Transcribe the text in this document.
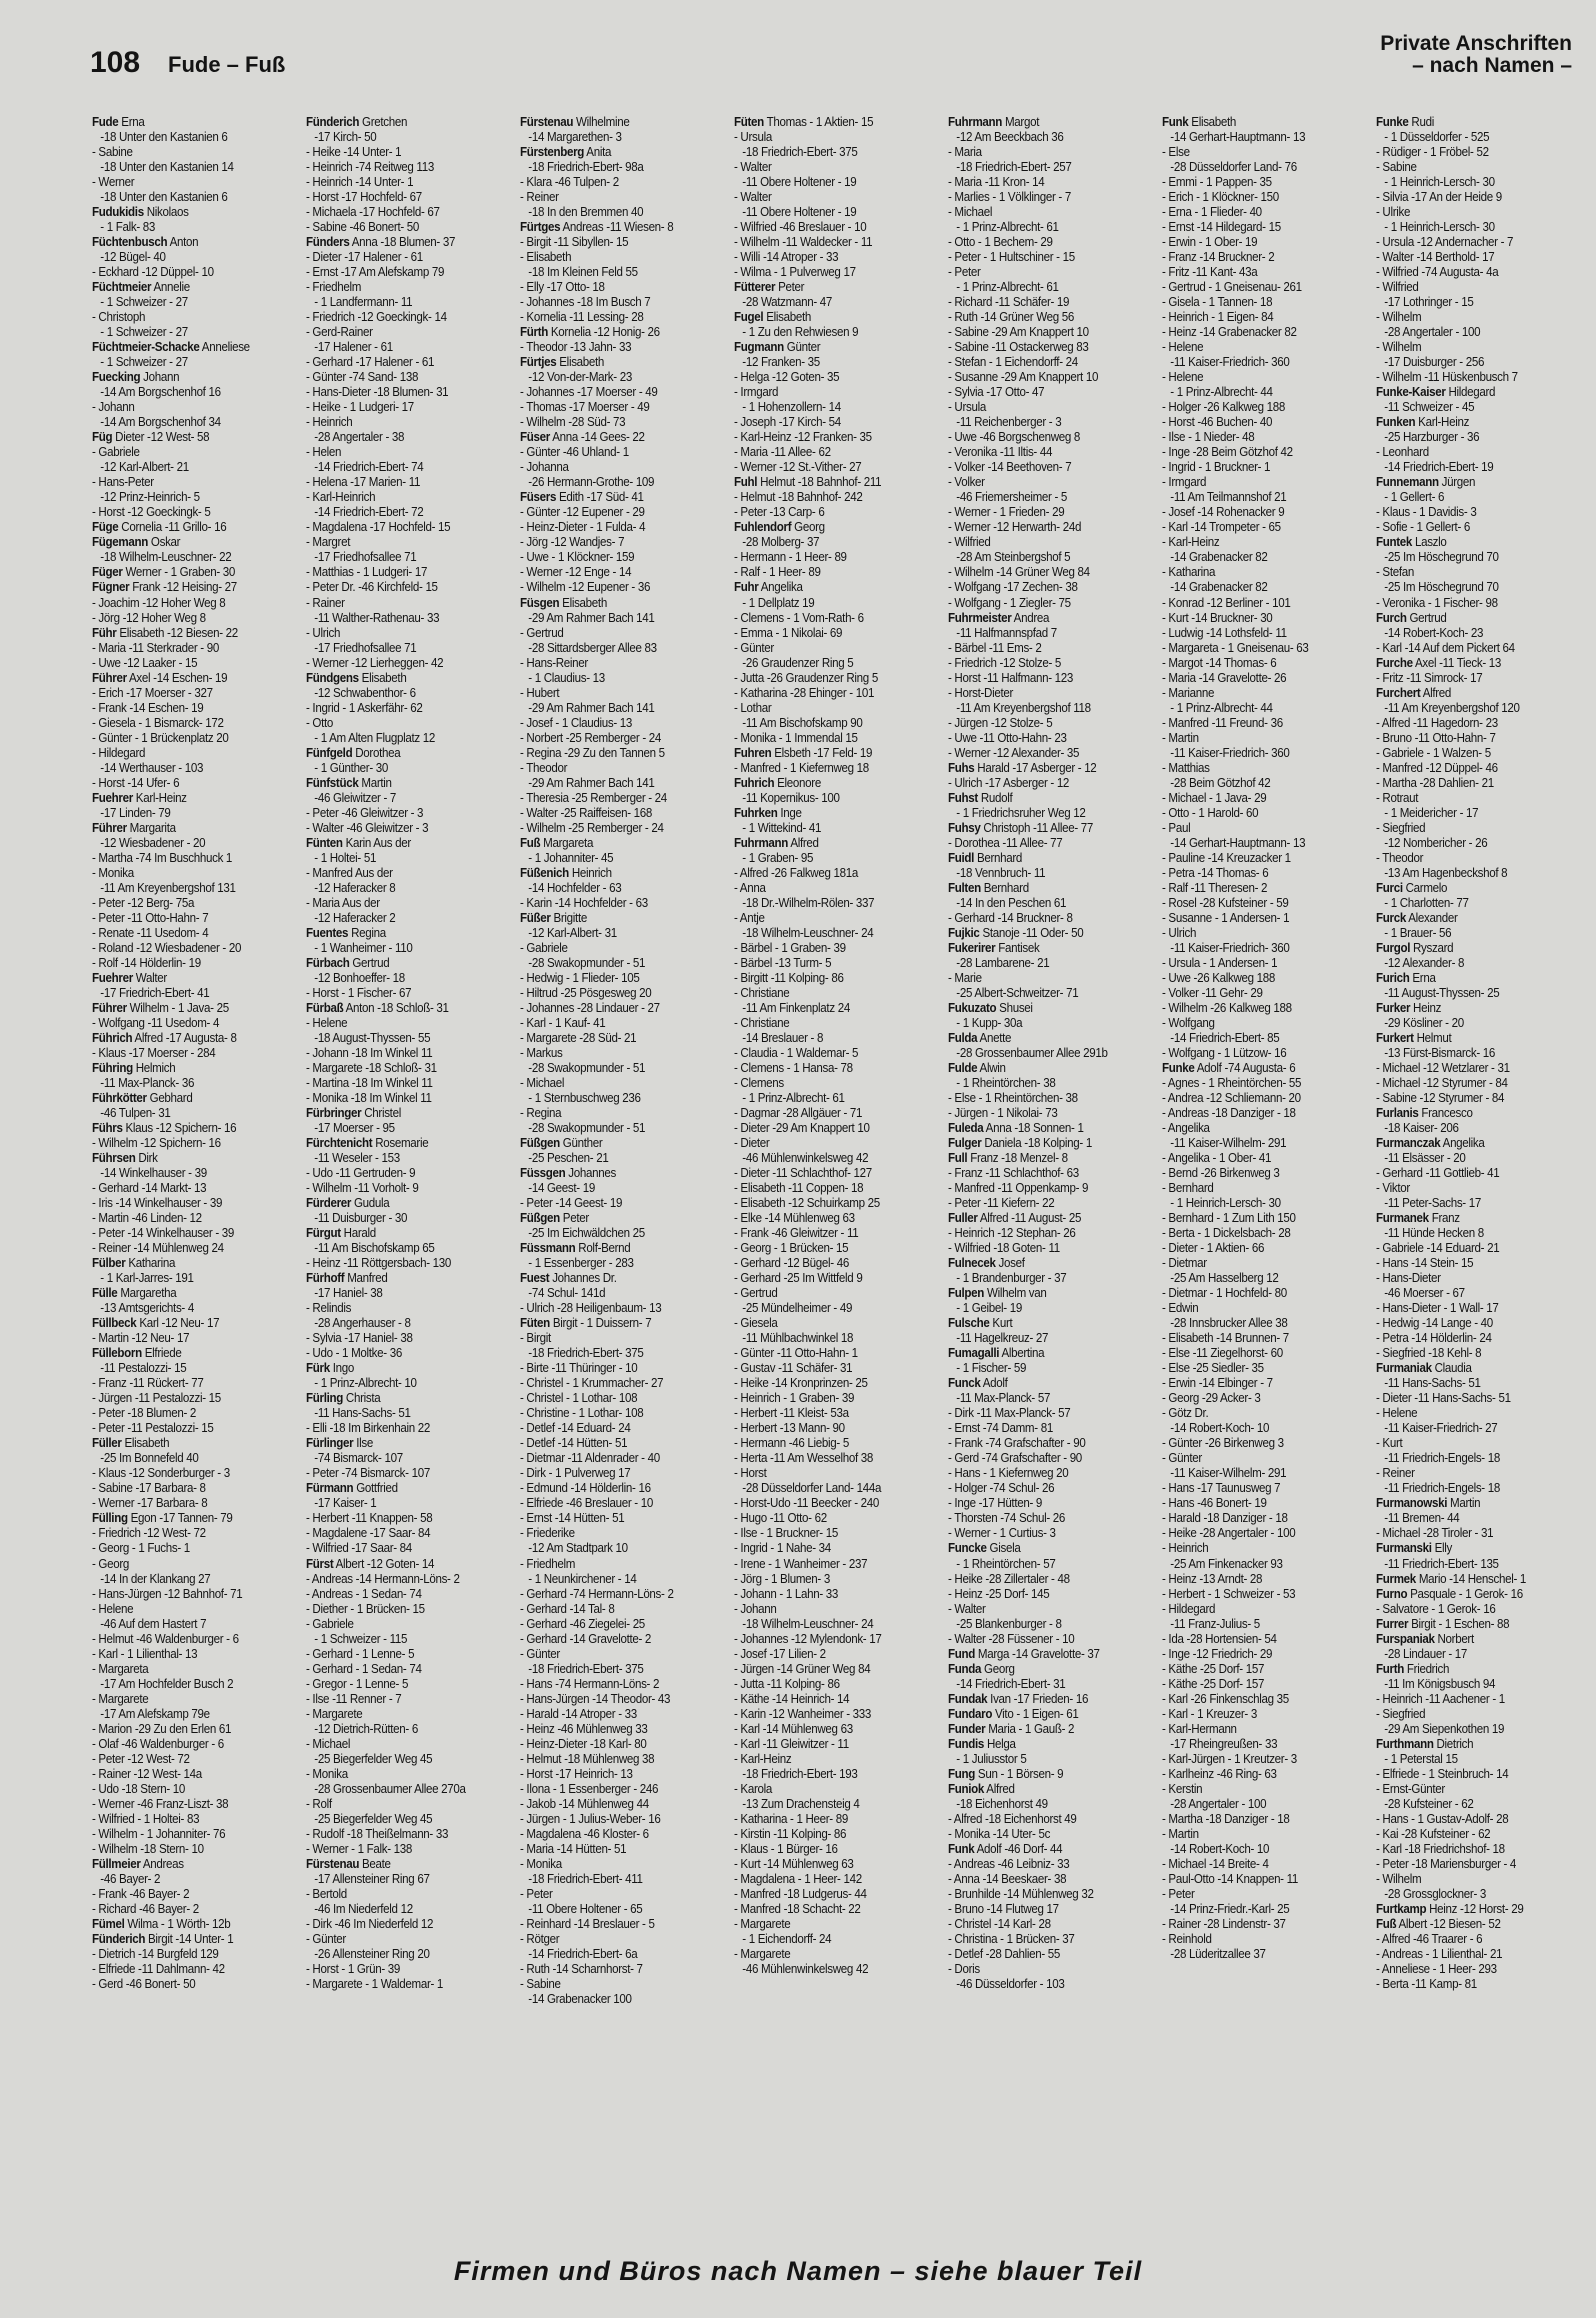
108 Fude – Fuß
Private Anschriften
– nach Namen –
Fude Erna
-18 Unter den Kastanien 6
- Sabine
-18 Unter den Kastanien 14
- Werner
-18 Unter den Kastanien 6
Fudukidis Nikolaos
- 1 Falk- 83
Füchtenbusch Anton
-12 Bügel- 40
- Eckhard -12 Düppel- 10
Füchtmeier Annelie
- 1 Schweizer - 27
- Christoph
- 1 Schweizer - 27
Füchtmeier-Schacke Anneliese
- 1 Schweizer - 27
Fuecking Johann
-14 Am Borgschenhof 16
- Johann
-14 Am Borgschenhof 34
Füg Dieter -12 West- 58
- Gabriele
-12 Karl-Albert- 21
- Hans-Peter
-12 Prinz-Heinrich- 5
- Horst -12 Goeckingk- 5
Füge Cornelia -11 Grillo- 16
Fügemann Oskar
-18 Wilhelm-Leuschner- 22
Füger Werner - 1 Graben- 30
Fügner Frank -12 Heising- 27
- Joachim -12 Hoher Weg 8
- Jörg -12 Hoher Weg 8
Führ Elisabeth -12 Biesen- 22
- Maria -11 Sterkrader - 90
- Uwe -12 Laaker - 15
Führer Axel -14 Eschen- 19
- Erich -17 Moerser - 327
- Frank -14 Eschen- 19
- Giesela - 1 Bismarck- 172
- Günter - 1 Brückenplatz 20
- Hildegard
-14 Werthauser - 103
- Horst -14 Ufer- 6
Fuehrer Karl-Heinz
-17 Linden- 79
Führer Margarita
-12 Wiesbadener - 20
- Martha -74 Im Buschhuck 1
- Monika
-11 Am Kreyenbergshof 131
- Peter -12 Berg- 75a
- Peter -11 Otto-Hahn- 7
- Renate -11 Usedom- 4
- Roland -12 Wiesbadener - 20
- Rolf -14 Hölderlin- 19
Fuehrer Walter
-17 Friedrich-Ebert- 41
Führer Wilhelm - 1 Java- 25
- Wolfgang -11 Usedom- 4
Führich Alfred -17 Augusta- 8
- Klaus -17 Moerser - 284
Führing Helmich
-11 Max-Planck- 36
Führkötter Gebhard
-46 Tulpen- 31
Führs Klaus -12 Spichern- 16
- Wilhelm -12 Spichern- 16
Führsen Dirk
-14 Winkelhauser - 39
- Gerhard -14 Markt- 13
- Iris -14 Winkelhauser - 39
- Martin -46 Linden- 12
- Peter -14 Winkelhauser - 39
- Reiner -14 Mühlenweg 24
Fülber Katharina
- 1 Karl-Jarres- 191
Fülle Margaretha
-13 Amtsgerichts- 4
Füllbeck Karl -12 Neu- 17
- Martin -12 Neu- 17
Fülleborn Elfriede
-11 Pestalozzi- 15
- Franz -11 Rückert- 77
- Jürgen -11 Pestalozzi- 15
- Peter -18 Blumen- 2
- Peter -11 Pestalozzi- 15
Füller Elisabeth
-25 Im Bonnefeld 40
- Klaus -12 Sonderburger - 3
- Sabine -17 Barbara- 8
- Werner -17 Barbara- 8
Fülling Egon -17 Tannen- 79
- Friedrich -12 West- 72
- Georg - 1 Fuchs- 1
- Georg
-14 In der Klankang 27
- Hans-Jürgen -12 Bahnhof- 71
- Helene
-46 Auf dem Hastert 7
- Helmut -46 Waldenburger - 6
- Karl - 1 Lilienthal- 13
- Margareta
-17 Am Hochfelder Busch 2
- Margarete
-17 Am Alefskamp 79e
- Marion -29 Zu den Erlen 61
- Olaf -46 Waldenburger - 6
- Peter -12 West- 72
- Rainer -12 West- 14a
- Udo -18 Stern- 10
- Werner -46 Franz-Liszt- 38
- Wilfried - 1 Holtei- 83
- Wilhelm - 1 Johanniter- 76
- Wilhelm -18 Stern- 10
Füllmeier Andreas
-46 Bayer- 2
- Frank -46 Bayer- 2
- Richard -46 Bayer- 2
Fümel Wilma - 1 Wörth- 12b
Fünderich Birgit -14 Unter- 1
- Dietrich -14 Burgfeld 129
- Elfriede -11 Dahlmann- 42
- Gerd -46 Bonert- 50
Fünderich Gretchen
-17 Kirch- 50
- Heike -14 Unter- 1
- Heinrich -74 Reitweg 113
- Heinrich -14 Unter- 1
- Horst -17 Hochfeld- 67
- Michaela -17 Hochfeld- 67
- Sabine -46 Bonert- 50
Fünders Anna -18 Blumen- 37
- Dieter -17 Halener - 61
- Ernst -17 Am Alefskamp 79
- Friedhelm
- 1 Landfermann- 11
- Friedrich -12 Goeckingk- 14
- Gerd-Rainer
-17 Halener - 61
- Gerhard -17 Halener - 61
- Günter -74 Sand- 138
- Hans-Dieter -18 Blumen- 31
- Heike - 1 Ludgeri- 17
- Heinrich
-28 Angertaler - 38
- Helen
-14 Friedrich-Ebert- 74
- Helena -17 Marien- 11
- Karl-Heinrich
-14 Friedrich-Ebert- 72
- Magdalena -17 Hochfeld- 15
- Margret
-17 Friedhofsallee 71
- Matthias - 1 Ludgeri- 17
- Peter Dr. -46 Kirchfeld- 15
- Rainer
-11 Walther-Rathenau- 33
- Ulrich
-17 Friedhofsallee 71
- Werner -12 Lierheggen- 42
Fündgens Elisabeth
-12 Schwabenthor- 6
- Ingrid - 1 Askerfähr- 62
- Otto
- 1 Am Alten Flugplatz 12
Fünfgeld Dorothea
- 1 Günther- 30
Fünfstück Martin
-46 Gleiwitzer - 7
- Peter -46 Gleiwitzer - 3
- Walter -46 Gleiwitzer - 3
Fünten Karin Aus der
- 1 Holtei- 51
- Manfred Aus der
-12 Haferacker 8
- Maria Aus der
-12 Haferacker 2
Fuentes Regina
- 1 Wanheimer - 110
Fürbach Gertrud
-12 Bonhoeffer- 18
- Horst - 1 Fischer- 67
Fürbaß Anton -18 Schloß- 31
- Helene
-18 August-Thyssen- 55
- Johann -18 Im Winkel 11
- Margarete -18 Schloß- 31
- Martina -18 Im Winkel 11
- Monika -18 Im Winkel 11
Fürbringer Christel
-17 Moerser - 95
Fürchtenicht Rosemarie
-11 Weseler - 153
- Udo -11 Gertruden- 9
- Wilhelm -11 Vorholt- 9
Fürderer Gudula
-11 Duisburger - 30
Fürgut Harald
-11 Am Bischofskamp 65
- Heinz -11 Röttgersbach- 130
Fürhoff Manfred
-17 Haniel- 38
- Relindis
-28 Angerhauser - 8
- Sylvia -17 Haniel- 38
- Udo - 1 Moltke- 36
Fürk Ingo
- 1 Prinz-Albrecht- 10
Fürling Christa
-11 Hans-Sachs- 51
- Elli -18 Im Birkenhain 22
Fürlinger Ilse
-74 Bismarck- 107
- Peter -74 Bismarck- 107
Fürmann Gottfried
-17 Kaiser- 1
- Herbert -11 Knappen- 58
- Magdalene -17 Saar- 84
- Wilfried -17 Saar- 84
Fürst Albert -12 Goten- 14
- Andreas -14 Hermann-Löns- 2
- Andreas - 1 Sedan- 74
- Diether - 1 Brücken- 15
- Gabriele
- 1 Schweizer - 115
- Gerhard - 1 Lenne- 5
- Gerhard - 1 Sedan- 74
- Gregor - 1 Lenne- 5
- Ilse -11 Renner - 7
- Margarete
-12 Dietrich-Rütten- 6
- Michael
-25 Biegerfelder Weg 45
- Monika
-28 Grossenbaumer Allee 270a
- Rolf
-25 Biegerfelder Weg 45
- Rudolf -18 Theißelmann- 33
- Werner - 1 Falk- 138
Fürstenau Beate
-17 Allensteiner Ring 67
- Bertold
-46 Im Niederfeld 12
- Dirk -46 Im Niederfeld 12
- Günter
-26 Allensteiner Ring 20
- Horst - 1 Grün- 39
- Margarete - 1 Waldemar- 1
Fürstenau Wilhelmine
-14 Margarethen- 3
Fürstenberg Anita
-18 Friedrich-Ebert- 98a
- Klara -46 Tulpen- 2
- Reiner
-18 In den Bremmen 40
Fürtges Andreas -11 Wiesen- 8
- Birgit -11 Sibyllen- 15
- Elisabeth
-18 Im Kleinen Feld 55
- Elly -17 Otto- 18
- Johannes -18 Im Busch 7
- Kornelia -11 Lessing- 28
Fürth Kornelia -12 Honig- 26
- Theodor -13 Jahn- 33
Fürtjes Elisabeth
-12 Von-der-Mark- 23
- Johannes -17 Moerser - 49
- Thomas -17 Moerser - 49
- Wilhelm -28 Süd- 73
Füser Anna -14 Gees- 22
- Günter -46 Uhland- 1
- Johanna
-26 Hermann-Grothe- 109
Füsers Edith -17 Süd- 41
- Günter -12 Eupener - 29
- Heinz-Dieter - 1 Fulda- 4
- Jörg -12 Wandjes- 7
- Uwe - 1 Klöckner- 159
- Werner -12 Enge - 14
- Wilhelm -12 Eupener - 36
Füsgen Elisabeth
-29 Am Rahmer Bach 141
- Gertrud
-28 Sittardsberger Allee 83
- Hans-Reiner
- 1 Claudius- 13
- Hubert
-29 Am Rahmer Bach 141
- Josef - 1 Claudius- 13
- Norbert -25 Remberger - 24
- Regina -29 Zu den Tannen 5
- Theodor
-29 Am Rahmer Bach 141
- Theresia -25 Remberger - 24
- Walter -25 Raiffeisen- 168
- Wilhelm -25 Remberger - 24
Fuß Margareta
- 1 Johanniter- 45
Füßenich Heinrich
-14 Hochfelder - 63
- Karin -14 Hochfelder - 63
Füßer Brigitte
-12 Karl-Albert- 31
- Gabriele
-28 Swakopmunder - 51
- Hedwig - 1 Flieder- 105
- Hiltrud -25 Pösgesweg 20
- Johannes -28 Lindauer - 27
- Karl - 1 Kauf- 41
- Margarete -28 Süd- 21
- Markus
-28 Swakopmunder - 51
- Michael
- 1 Sternbuschweg 236
- Regina
-28 Swakopmunder - 51
Füßgen Günther
-25 Peschen- 21
Füssgen Johannes
-14 Geest- 19
- Peter -14 Geest- 19
Füßgen Peter
-25 Im Eichwäldchen 25
Füssmann Rolf-Bernd
- 1 Essenberger - 283
Fuest Johannes Dr.
-74 Schul- 141d
- Ulrich -28 Heiligenbaum- 13
Füten Birgit - 1 Duissern- 7
- Birgit
-18 Friedrich-Ebert- 375
- Birte -11 Thüringer - 10
- Christel - 1 Krummacher- 27
- Christel - 1 Lothar- 108
- Christine - 1 Lothar- 108
- Detlef -14 Eduard- 24
- Detlef -14 Hütten- 51
- Dietmar -11 Aldenrader - 40
- Dirk - 1 Pulverweg 17
- Edmund -14 Hölderlin- 16
- Elfriede -46 Breslauer - 10
- Ernst -14 Hütten- 51
- Friederike
-12 Am Stadtpark 10
- Friedhelm
- 1 Neunkirchener - 14
- Gerhard -74 Hermann-Löns- 2
- Gerhard -14 Tal- 8
- Gerhard -46 Ziegelei- 25
- Gerhard -14 Gravelotte- 2
- Günter
-18 Friedrich-Ebert- 375
- Hans -74 Hermann-Löns- 2
- Hans-Jürgen -14 Theodor- 43
- Harald -14 Atroper - 33
- Heinz -46 Mühlenweg 33
- Heinz-Dieter -18 Karl- 80
- Helmut -18 Mühlenweg 38
- Horst -17 Heinrich- 13
- Ilona - 1 Essenberger - 246
- Jakob -14 Mühlenweg 44
- Jürgen - 1 Julius-Weber- 16
- Magdalena -46 Kloster- 6
- Maria -14 Hütten- 51
- Monika
-18 Friedrich-Ebert- 411
- Peter
-11 Obere Holtener - 65
- Reinhard -14 Breslauer - 5
- Rötger
-14 Friedrich-Ebert- 6a
- Ruth -14 Scharnhorst- 7
- Sabine
-14 Grabenacker 100
Füten Thomas - 1 Aktien- 15
- Ursula
-18 Friedrich-Ebert- 375
- Walter
-11 Obere Holtener - 19
- Walter
-11 Obere Holtener - 19
- Wilfried -46 Breslauer - 10
- Wilhelm -11 Waldecker - 11
- Willi -14 Atroper - 33
- Wilma - 1 Pulverweg 17
Fütterer Peter
-28 Watzmann- 47
Fugel Elisabeth
- 1 Zu den Rehwiesen 9
Fugmann Günter
-12 Franken- 35
- Helga -12 Goten- 35
- Irmgard
- 1 Hohenzollern- 14
- Joseph -17 Kirch- 54
- Karl-Heinz -12 Franken- 35
- Maria -11 Allee- 62
- Werner -12 St.-Vither- 27
Fuhl Helmut -18 Bahnhof- 211
- Helmut -18 Bahnhof- 242
- Peter -13 Carp- 6
Fuhlendorf Georg
-28 Molberg- 37
- Hermann - 1 Heer- 89
- Ralf - 1 Heer- 89
Fuhr Angelika
- 1 Dellplatz 19
- Clemens - 1 Vom-Rath- 6
- Emma - 1 Nikolai- 69
- Günter
-26 Graudenzer Ring 5
- Jutta -26 Graudenzer Ring 5
- Katharina -28 Ehinger - 101
- Lothar
-11 Am Bischofskamp 90
- Monika - 1 Immendal 15
Fuhren Elsbeth -17 Feld- 19
- Manfred - 1 Kiefernweg 18
Fuhrich Eleonore
-11 Kopernikus- 100
Fuhrken Inge
- 1 Wittekind- 41
Fuhrmann Alfred
- 1 Graben- 95
- Alfred -26 Falkweg 181a
- Anna
-18 Dr.-Wilhelm-Rölen- 337
- Antje
-18 Wilhelm-Leuschner- 24
- Bärbel - 1 Graben- 39
- Bärbel -13 Turm- 5
- Birgitt -11 Kolping- 86
- Christiane
-11 Am Finkenplatz 24
- Christiane
-14 Breslauer - 8
- Claudia - 1 Waldemar- 5
- Clemens - 1 Hansa- 78
- Clemens
- 1 Prinz-Albrecht- 61
- Dagmar -28 Allgäuer - 71
- Dieter -29 Am Knappert 10
- Dieter
-46 Mühlenwinkelsweg 42
- Dieter -11 Schlachthof- 127
- Elisabeth -11 Coppen- 18
- Elisabeth -12 Schuirkamp 25
- Elke -14 Mühlenweg 63
- Frank -46 Gleiwitzer - 11
- Georg - 1 Brücken- 15
- Gerhard -12 Bügel- 46
- Gerhard -25 Im Wittfeld 9
- Gertrud
-25 Mündelheimer - 49
- Giesela
-11 Mühlbachwinkel 18
- Günter -11 Otto-Hahn- 1
- Gustav -11 Schäfer- 31
- Heike -14 Kronprinzen- 25
- Heinrich - 1 Graben- 39
- Herbert -11 Kleist- 53a
- Herbert -13 Mann- 90
- Hermann -46 Liebig- 5
- Herta -11 Am Wesselhof 38
- Horst
-28 Düsseldorfer Land- 144a
- Horst-Udo -11 Beecker - 240
- Hugo -11 Otto- 62
- Ilse - 1 Bruckner- 15
- Ingrid - 1 Nahe- 34
- Irene - 1 Wanheimer - 237
- Jörg - 1 Blumen- 3
- Johann - 1 Lahn- 33
- Johann
-18 Wilhelm-Leuschner- 24
- Johannes -12 Mylendonk- 17
- Josef -17 Lilien- 2
- Jürgen -14 Grüner Weg 84
- Jutta -11 Kolping- 86
- Käthe -14 Heinrich- 14
- Karin -12 Wanheimer - 333
- Karl -14 Mühlenweg 63
- Karl -11 Gleiwitzer - 11
- Karl-Heinz
-18 Friedrich-Ebert- 193
- Karola
-13 Zum Drachensteig 4
- Katharina - 1 Heer- 89
- Kirstin -11 Kolping- 86
- Klaus - 1 Bürger- 16
- Kurt -14 Mühlenweg 63
- Magdalena - 1 Heer- 142
- Manfred -18 Ludgerus- 44
- Manfred -18 Schacht- 22
- Margarete
- 1 Eichendorff- 24
- Margarete
-46 Mühlenwinkelsweg 42
Fuhrmann Margot
-12 Am Beeckbach 36
- Maria
-18 Friedrich-Ebert- 257
- Maria -11 Kron- 14
- Marlies - 1 Völklinger - 7
- Michael
- 1 Prinz-Albrecht- 61
- Otto - 1 Bechem- 29
- Peter - 1 Hultschiner - 15
- Peter
- 1 Prinz-Albrecht- 61
- Richard -11 Schäfer- 19
- Ruth -14 Grüner Weg 56
- Sabine -29 Am Knappert 10
- Sabine -11 Ostackerweg 83
- Stefan - 1 Eichendorff- 24
- Susanne -29 Am Knappert 10
- Sylvia -17 Otto- 47
- Ursula
-11 Reichenberger - 3
- Uwe -46 Borgschenweg 8
- Veronika -11 Iltis- 44
- Volker -14 Beethoven- 7
- Volker
-46 Friemersheimer - 5
- Werner - 1 Frieden- 29
- Werner -12 Herwarth- 24d
- Wilfried
-28 Am Steinbergshof 5
- Wilhelm -14 Grüner Weg 84
- Wolfgang -17 Zechen- 38
- Wolfgang - 1 Ziegler- 75
Fuhrmeister Andrea
-11 Halfmannspfad 7
- Bärbel -11 Ems- 2
- Friedrich -12 Stolze- 5
- Horst -11 Halfmann- 123
- Horst-Dieter
-11 Am Kreyenbergshof 118
- Jürgen -12 Stolze- 5
- Uwe -11 Otto-Hahn- 23
- Werner -12 Alexander- 35
Fuhs Harald -17 Asberger - 12
- Ulrich -17 Asberger - 12
Fuhst Rudolf
- 1 Friedrichsruher Weg 12
Fuhsy Christoph -11 Allee- 77
- Dorothea -11 Allee- 77
Fuidl Bernhard
-18 Vennbruch- 11
Fulten Bernhard
-14 In den Peschen 61
- Gerhard -14 Bruckner- 8
Fujkic Stanoje -11 Oder- 50
Fukerirer Fantisek
-28 Lambarene- 21
- Marie
-25 Albert-Schweitzer- 71
Fukuzato Shusei
- 1 Kupp- 30a
Fulda Anette
-28 Grossenbaumer Allee 291b
Fulde Alwin
- 1 Rheintörchen- 38
- Else - 1 Rheintörchen- 38
- Jürgen - 1 Nikolai- 73
Fuleda Anna -18 Sonnen- 1
Fulger Daniela -18 Kolping- 1
Full Franz -18 Menzel- 8
- Franz -11 Schlachthof- 63
- Manfred -11 Oppenkamp- 9
- Peter -11 Kiefern- 22
Fuller Alfred -11 August- 25
- Heinrich -12 Stephan- 26
- Wilfried -18 Goten- 11
Fulnecek Josef
- 1 Brandenburger - 37
Fulpen Wilhelm van
- 1 Geibel- 19
Fulsche Kurt
-11 Hagelkreuz- 27
Fumagalli Albertina
- 1 Fischer- 59
Funck Adolf
-11 Max-Planck- 57
- Dirk -11 Max-Planck- 57
- Ernst -74 Damm- 81
- Frank -74 Grafschafter - 90
- Gerd -74 Grafschafter - 90
- Hans - 1 Kiefernweg 20
- Holger -74 Schul- 26
- Inge -17 Hütten- 9
- Thorsten -74 Schul- 26
- Werner - 1 Curtius- 3
Funcke Gisela
- 1 Rheintörchen- 57
- Heike -28 Zillertaler - 48
- Heinz -25 Dorf- 145
- Walter
-25 Blankenburger - 8
- Walter -28 Füssener - 10
Fund Marga -14 Gravelotte- 37
Funda Georg
-14 Friedrich-Ebert- 31
Fundak Ivan -17 Frieden- 16
Fundaro Vito - 1 Eigen- 61
Funder Maria - 1 Gauß- 2
Fundis Helga
- 1 Juliusstor 5
Fung Sun - 1 Börsen- 9
Funiok Alfred
-18 Eichenhorst 49
- Alfred -18 Eichenhorst 49
- Monika -14 Uter- 5c
Funk Adolf -46 Dorf- 44
- Andreas -46 Leibniz- 33
- Anna -14 Beeskaer- 38
- Brunhilde -14 Mühlenweg 32
- Bruno -14 Flutweg 17
- Christel -14 Karl- 28
- Christina - 1 Brücken- 37
- Detlef -28 Dahlien- 55
- Doris
-46 Düsseldorfer - 103
Funk Elisabeth
-14 Gerhart-Hauptmann- 13
- Else
-28 Düsseldorfer Land- 76
- Emmi - 1 Pappen- 35
- Erich - 1 Klöckner- 150
- Erna - 1 Flieder- 40
- Ernst -14 Hildegard- 15
- Erwin - 1 Ober- 19
- Franz -14 Bruckner- 2
- Fritz -11 Kant- 43a
- Gertrud - 1 Gneisenau- 261
- Gisela - 1 Tannen- 18
- Heinrich - 1 Eigen- 84
- Heinz -14 Grabenacker 82
- Helene
-11 Kaiser-Friedrich- 360
- Helene
- 1 Prinz-Albrecht- 44
- Holger -26 Kalkweg 188
- Horst -46 Buchen- 40
- Ilse - 1 Nieder- 48
- Inge -28 Beim Götzhof 42
- Ingrid - 1 Bruckner- 1
- Irmgard
-11 Am Teilmannshof 21
- Josef -14 Rohenacker 9
- Karl -14 Trompeter - 65
- Karl-Heinz
-14 Grabenacker 82
- Katharina
-14 Grabenacker 82
- Konrad -12 Berliner - 101
- Kurt -14 Bruckner- 30
- Ludwig -14 Lothsfeld- 11
- Margareta - 1 Gneisenau- 63
- Margot -14 Thomas- 6
- Maria -14 Gravelotte- 26
- Marianne
- 1 Prinz-Albrecht- 44
- Manfred -11 Freund- 36
- Martin
-11 Kaiser-Friedrich- 360
- Matthias
-28 Beim Götzhof 42
- Michael - 1 Java- 29
- Otto - 1 Harold- 60
- Paul
-14 Gerhart-Hauptmann- 13
- Pauline -14 Kreuzacker 1
- Petra -14 Thomas- 6
- Ralf -11 Theresen- 2
- Rosel -28 Kufsteiner - 59
- Susanne - 1 Andersen- 1
- Ulrich
-11 Kaiser-Friedrich- 360
- Ursula - 1 Andersen- 1
- Uwe -26 Kalkweg 188
- Volker -11 Gehr- 29
- Wilhelm -26 Kalkweg 188
- Wolfgang
-14 Friedrich-Ebert- 85
- Wolfgang - 1 Lützow- 16
Funke Adolf -74 Augusta- 6
- Agnes - 1 Rheintörchen- 55
- Andrea -12 Schliemann- 20
- Andreas -18 Danziger - 18
- Angelika
-11 Kaiser-Wilhelm- 291
- Angelika - 1 Ober- 41
- Bernd -26 Birkenweg 3
- Bernhard
- 1 Heinrich-Lersch- 30
- Bernhard - 1 Zum Lith 150
- Berta - 1 Dickelsbach- 28
- Dieter - 1 Aktien- 66
- Dietmar
-25 Am Hasselberg 12
- Dietmar - 1 Hochfeld- 80
- Edwin
-28 Innsbrucker Allee 38
- Elisabeth -14 Brunnen- 7
- Else -11 Ziegelhorst- 60
- Else -25 Siedler- 35
- Erwin -14 Elbinger - 7
- Georg -29 Acker- 3
- Götz Dr.
-14 Robert-Koch- 10
- Günter -26 Birkenweg 3
- Günter
-11 Kaiser-Wilhelm- 291
- Hans -17 Taunusweg 7
- Hans -46 Bonert- 19
- Harald -18 Danziger - 18
- Heike -28 Angertaler - 100
- Heinrich
-25 Am Finkenacker 93
- Heinz -13 Arndt- 28
- Herbert - 1 Schweizer - 53
- Hildegard
-11 Franz-Julius- 5
- Ida -28 Hortensien- 54
- Inge -12 Friedrich- 29
- Käthe -25 Dorf- 157
- Käthe -25 Dorf- 157
- Karl -26 Finkenschlag 35
- Karl - 1 Kreuzer- 3
- Karl-Hermann
-17 Rheingreußen- 33
- Karl-Jürgen - 1 Kreutzer- 3
- Karlheinz -46 Ring- 63
- Kerstin
-28 Angertaler - 100
- Martha -18 Danziger - 18
- Martin
-14 Robert-Koch- 10
- Michael -14 Breite- 4
- Paul-Otto -14 Knappen- 11
- Peter
-14 Prinz-Friedr.-Karl- 25
- Rainer -28 Lindenstr- 37
- Reinhold
-28 Lüderitzallee 37
Funke Rudi
- 1 Düsseldorfer - 525
- Rüdiger - 1 Fröbel- 52
- Sabine
- 1 Heinrich-Lersch- 30
- Silvia -17 An der Heide 9
- Ulrike
- 1 Heinrich-Lersch- 30
- Ursula -12 Andernacher - 7
- Walter -14 Berthold- 17
- Wilfried -74 Augusta- 4a
- Wilfried
-17 Lothringer - 15
- Wilhelm
-28 Angertaler - 100
- Wilhelm
-17 Duisburger - 256
- Wilhelm -11 Hüskenbusch 7
Funke-Kaiser Hildegard
-11 Schweizer - 45
Funken Karl-Heinz
-25 Harzburger - 36
- Leonhard
-14 Friedrich-Ebert- 19
Funnemann Jürgen
- 1 Gellert- 6
- Klaus - 1 Davidis- 3
- Sofie - 1 Gellert- 6
Funtek Laszlo
-25 Im Höschegrund 70
- Stefan
-25 Im Höschegrund 70
- Veronika - 1 Fischer- 98
Furch Gertrud
-14 Robert-Koch- 23
- Karl -14 Auf dem Pickert 64
Furche Axel -11 Tieck- 13
- Fritz -11 Simrock- 17
Furchert Alfred
-11 Am Kreyenbergshof 120
- Alfred -11 Hagedorn- 23
- Bruno -11 Otto-Hahn- 7
- Gabriele - 1 Walzen- 5
- Manfred -12 Düppel- 46
- Martha -28 Dahlien- 21
- Rotraut
- 1 Meiderichеr - 17
- Siegfried
-12 Nombericher - 26
- Theodor
-13 Am Hagenbeckshof 8
Furci Carmelo
- 1 Charlotten- 77
Furck Alexander
- 1 Brauer- 56
Furgol Ryszard
-12 Alexander- 8
Furich Erna
-11 August-Thyssen- 25
Furker Heinz
-29 Kösliner - 20
Furkert Helmut
-13 Fürst-Bismarck- 16
- Michael -12 Wetzlarer - 31
- Michael -12 Styrumer - 84
- Sabine -12 Styrumer - 84
Furlanis Francesco
-18 Kaiser- 206
Furmanczak Angelika
-11 Elsässer - 20
- Gerhard -11 Gottlieb- 41
- Viktor
-11 Peter-Sachs- 17
Furmanek Franz
-11 Hünde Hecken 8
- Gabriele -14 Eduard- 21
- Hans -14 Stein- 15
- Hans-Dieter
-46 Moerser - 67
- Hans-Dieter - 1 Wall- 17
- Hedwig -14 Lange - 40
- Petra -14 Hölderlin- 24
- Siegfried -18 Kehl- 8
Furmaniak Claudia
-11 Hans-Sachs- 51
- Dieter -11 Hans-Sachs- 51
- Helene
-11 Kaiser-Friedrich- 27
- Kurt
-11 Friedrich-Engels- 18
- Reiner
-11 Friedrich-Engels- 18
Furmanowski Martin
-11 Bremen- 44
- Michael -28 Tiroler - 31
Furmanski Elly
-11 Friedrich-Ebert- 135
Furmek Mario -14 Henschel- 1
Furno Pasquale - 1 Gerok- 16
- Salvatore - 1 Gerok- 16
Furrer Birgit - 1 Eschen- 88
Furspaniak Norbert
-28 Lindauer - 17
Furth Friedrich
-11 Im Königsbusch 94
- Heinrich -11 Aachener - 1
- Siegfried
-29 Am Siepenkothen 19
Furthmann Dietrich
- 1 Peterstal 15
- Elfriede - 1 Steinbruch- 14
- Ernst-Günter
-28 Kufsteiner - 62
- Hans - 1 Gustav-Adolf- 28
- Kai -28 Kufsteiner - 62
- Karl -18 Friedrichshof- 18
- Peter -18 Mariensburger - 4
- Wilhelm
-28 Grossglockner- 3
Furtkamp Heinz -12 Horst- 29
Fuß Albert -12 Biesen- 52
- Alfred -46 Traarer - 6
- Andreas - 1 Lilienthal- 21
- Anneliese - 1 Heer- 293
- Berta -11 Kamp- 81
Firmen und Büros nach Namen – siehe blauer Teil
